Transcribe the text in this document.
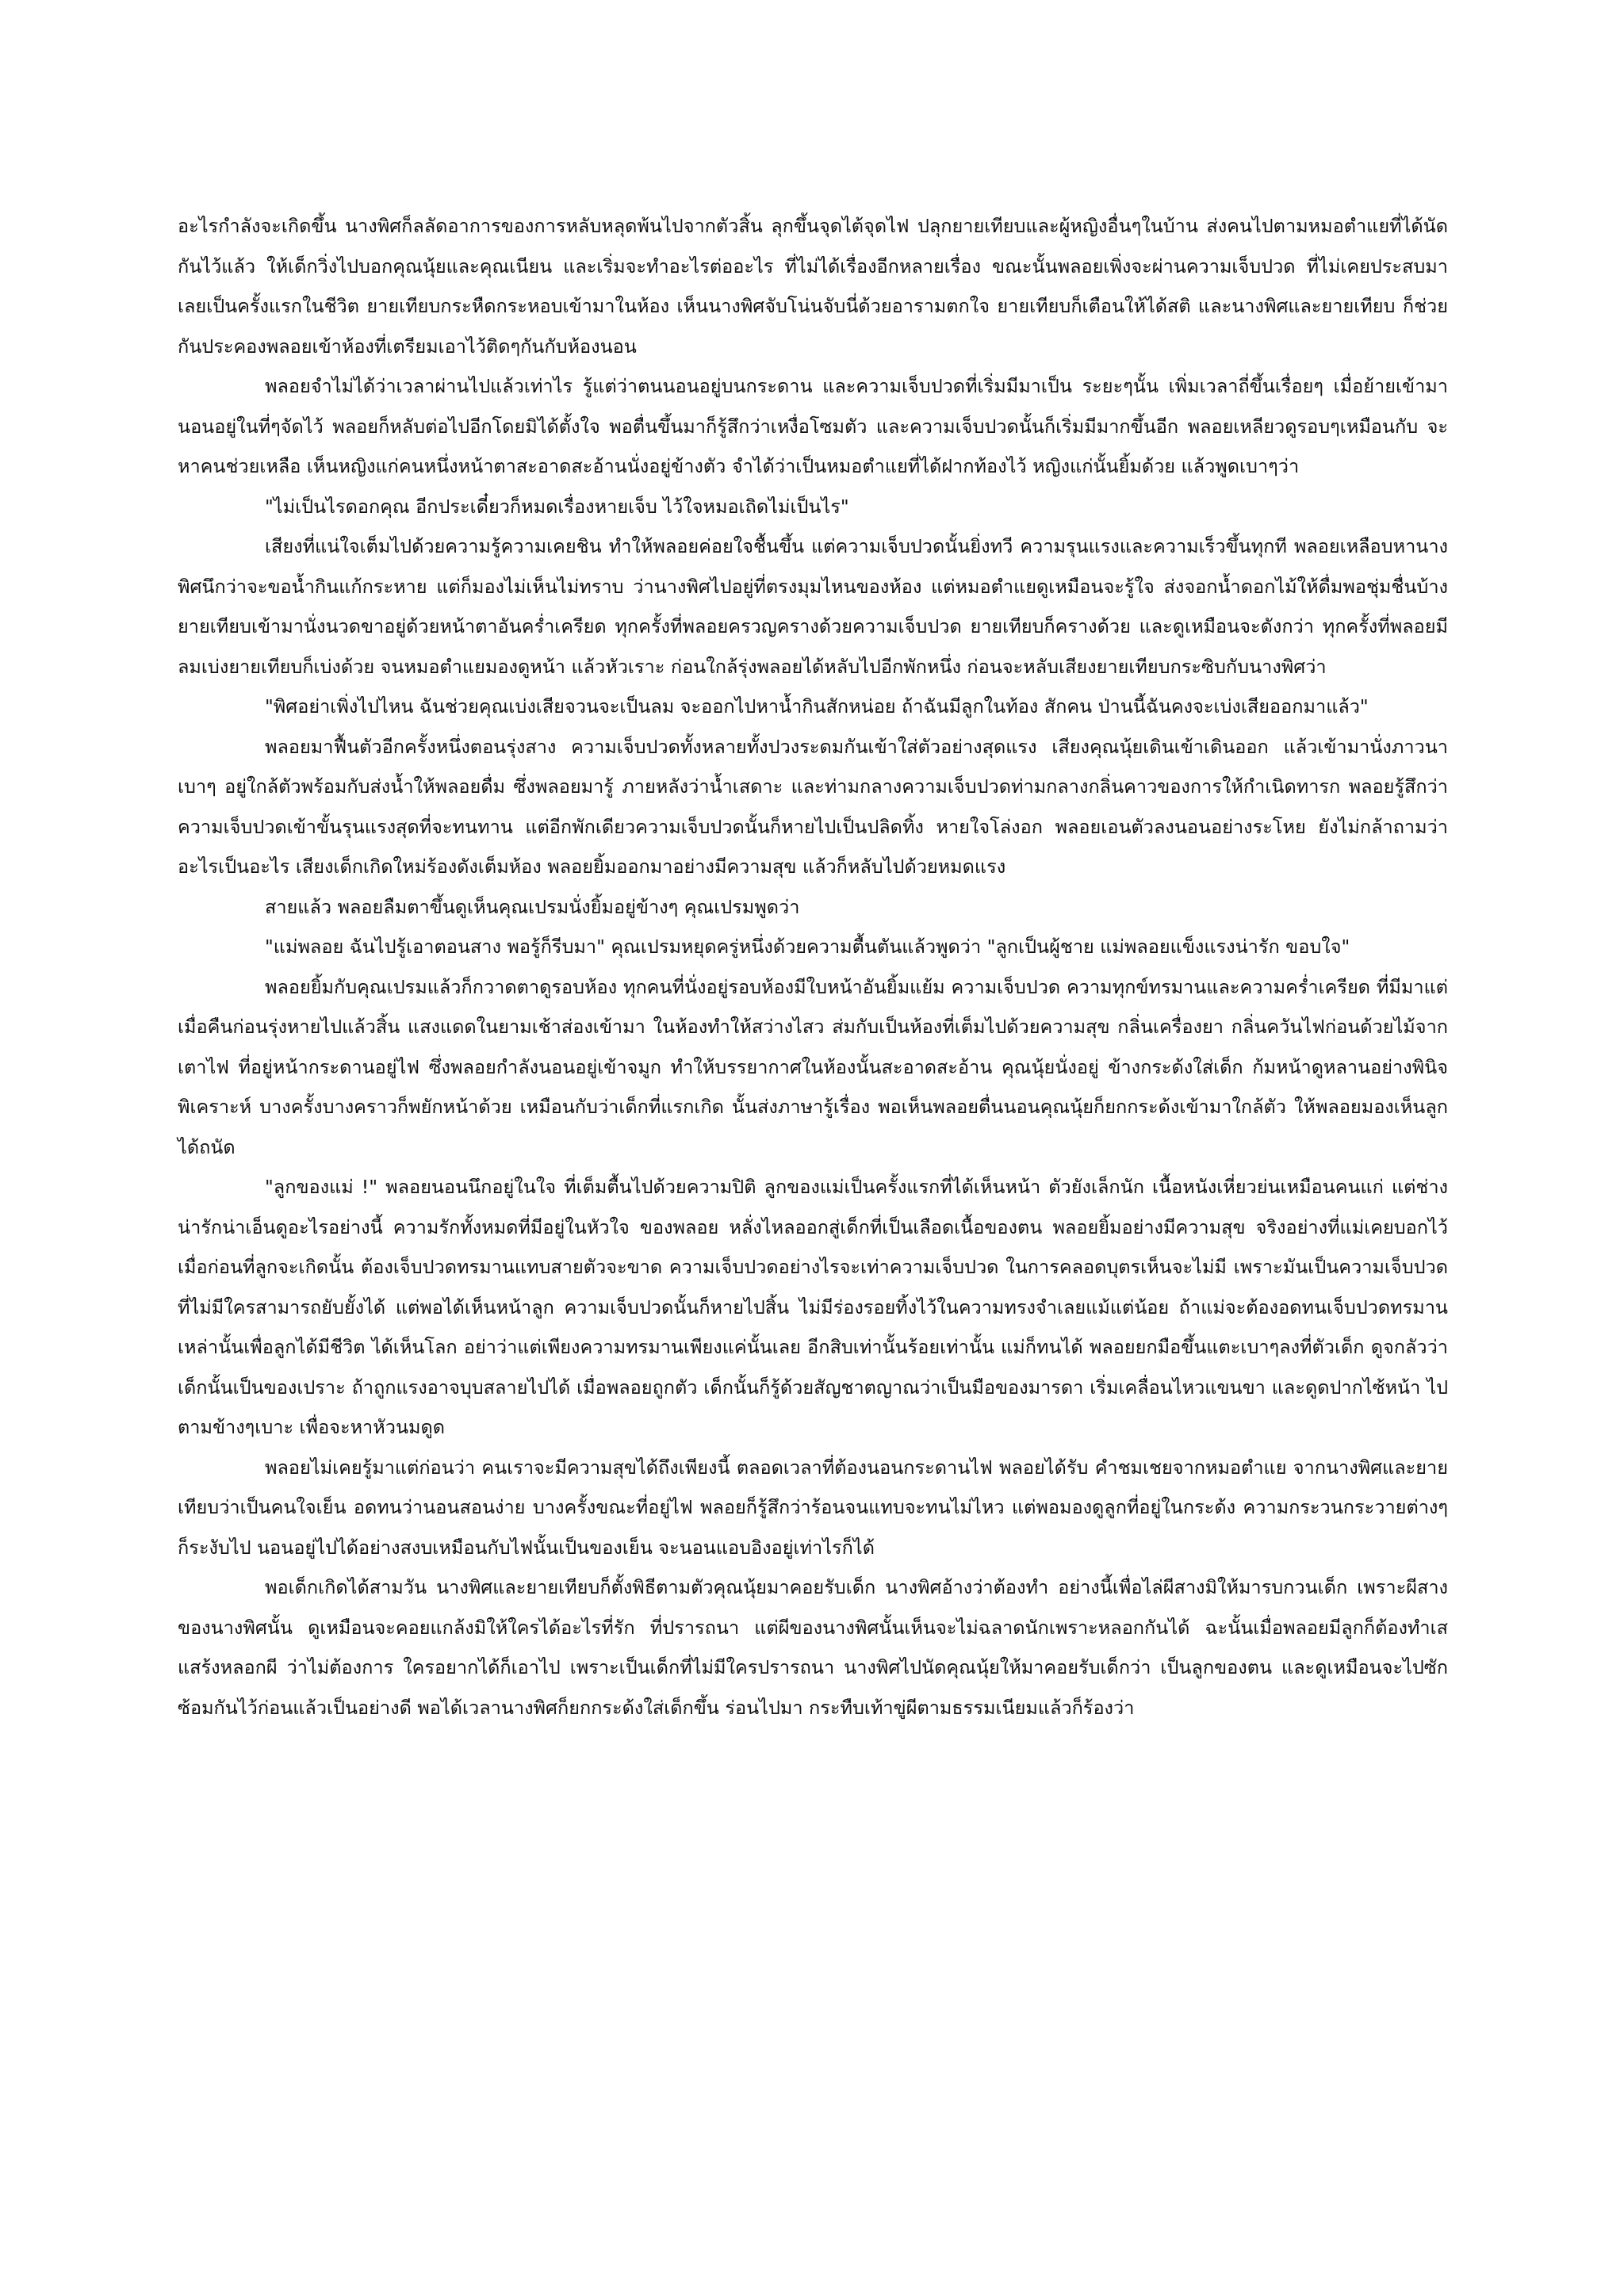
อะไรกำลังจะเกิดขึ้น นางพิศก็ลลัดอาการของการหลับหลุดพ้นไปจากตัวสิ้น ลุกขึ้นจุดไต้จุดไฟ ปลุกยายเทียบและผู้หญิงอื่นๆในบ้าน ส่งคนไปตามหมอตำแยที่ได้นัดกันไว้แล้ว ให้เด็กวิ่งไปบอกคุณนุ้ยและคุณเนียน และเริ่มจะทำอะไรต่ออะไร ที่ไม่ได้เรื่องอีกหลายเรื่อง ขณะนั้นพลอยเพิ่งจะผ่านความเจ็บปวด ที่ไม่เคยประสบมาเลยเป็นครั้งแรกในชีวิต ยายเทียบกระหืดกระหอบเข้ามาในห้อง เห็นนางพิศจับโน่นจับนี่ด้วยอารามตกใจ ยายเทียบก็เตือนให้ได้สติ และนางพิศและยายเทียบ ก็ช่วยกันประคองพลอยเข้าห้องที่เตรียมเอาไว้ติดๆกันกับห้องนอน

พลอยจำไม่ได้ว่าเวลาผ่านไปแล้วเท่าไร รู้แต่ว่าตนนอนอยู่บนกระดาน และความเจ็บปวดที่เริ่มมีมาเป็น ระยะๆนั้น เพิ่มเวลาถี่ขึ้นเรื่อยๆ เมื่อย้ายเข้ามานอนอยู่ในที่ๆจัดไว้ พลอยก็หลับต่อไปอีกโดยมิได้ตั้งใจ พอตื่นขึ้นมาก็รู้สึกว่าเหงื่อโซมตัว และความเจ็บปวดนั้นก็เริ่มมีมากขึ้นอีก พลอยเหลียวดูรอบๆเหมือนกับ จะหาคนช่วยเหลือ เห็นหญิงแก่คนหนึ่งหน้าตาสะอาดสะอ้านนั่งอยู่ข้างตัว จำได้ว่าเป็นหมอตำแยที่ได้ฝากท้องไว้ หญิงแก่นั้นยิ้มด้วย แล้วพูดเบาๆว่า

"ไม่เป็นไรดอกคุณ อีกประเดี๋ยวก็หมดเรื่องหายเจ็บ ไว้ใจหมอเถิดไม่เป็นไร"

เสียงที่แน่ใจเต็มไปด้วยความรู้ความเคยชิน ทำให้พลอยค่อยใจชื้นขึ้น แต่ความเจ็บปวดนั้นยิ่งทวี ความรุนแรงและความเร็วขึ้นทุกที พลอยเหลือบหานางพิศนึกว่าจะขอน้ำกินแก้กระหาย แต่ก็มองไม่เห็นไม่ทราบ ว่านางพิศไปอยู่ที่ตรงมุมไหนของห้อง แต่หมอตำแยดูเหมือนจะรู้ใจ ส่งจอกน้ำดอกไม้ให้ดื่มพอชุ่มชื่นบ้าง ยายเทียบเข้ามานั่งนวดขาอยู่ด้วยหน้าตาอันคร่ำเครียด ทุกครั้งที่พลอยครวญครางด้วยความเจ็บปวด ยายเทียบก็ครางด้วย และดูเหมือนจะดังกว่า ทุกครั้งที่พลอยมีลมเบ่งยายเทียบก็เบ่งด้วย จนหมอตำแยมองดูหน้า แล้วหัวเราะ ก่อนใกล้รุ่งพลอยได้หลับไปอีกพักหนึ่ง ก่อนจะหลับเสียงยายเทียบกระซิบกับนางพิศว่า

"พิศอย่าเพิ่งไปไหน ฉันช่วยคุณเบ่งเสียจวนจะเป็นลม จะออกไปหาน้ำกินสักหน่อย ถ้าฉันมีลูกในท้อง สักคน ป่านนี้ฉันคงจะเบ่งเสียออกมาแล้ว"

พลอยมาฟื้นตัวอีกครั้งหนึ่งตอนรุ่งสาง ความเจ็บปวดทั้งหลายทั้งปวงระดมกันเข้าใส่ตัวอย่างสุดแรง เสียงคุณนุ้ยเดินเข้าเดินออก แล้วเข้ามานั่งภาวนาเบาๆ อยู่ใกล้ตัวพร้อมกับส่งน้ำให้พลอยดื่ม ซึ่งพลอยมารู้ ภายหลังว่าน้ำเสดาะ และท่ามกลางความเจ็บปวดท่ามกลางกลิ่นคาวของการให้กำเนิดทารก พลอยรู้สึกว่า ความเจ็บปวดเข้าขั้นรุนแรงสุดที่จะทนทาน แต่อีกพักเดียวความเจ็บปวดนั้นก็หายไปเป็นปลิดทิ้ง หายใจโล่งอก พลอยเอนตัวลงนอนอย่างระโหย ยังไม่กล้าถามว่าอะไรเป็นอะไร เสียงเด็กเกิดใหม่ร้องดังเต็มห้อง พลอยยิ้มออกมาอย่างมีความสุข แล้วก็หลับไปด้วยหมดแรง

สายแล้ว พลอยลืมตาขึ้นดูเห็นคุณเปรมนั่งยิ้มอยู่ข้างๆ คุณเปรมพูดว่า

"แม่พลอย ฉันไปรู้เอาตอนสาง พอรู้ก็รีบมา" คุณเปรมหยุดครู่หนึ่งด้วยความตื้นตันแล้วพูดว่า "ลูกเป็นผู้ชาย แม่พลอยแข็งแรงน่ารัก ขอบใจ"

พลอยยิ้มกับคุณเปรมแล้วก็กวาดตาดูรอบห้อง ทุกคนที่นั่งอยู่รอบห้องมีใบหน้าอันยิ้มแย้ม ความเจ็บปวด ความทุกข์ทรมานและความคร่ำเครียด ที่มีมาแต่เมื่อคืนก่อนรุ่งหายไปแล้วสิ้น แสงแดดในยามเช้าส่องเข้ามา ในห้องทำให้สว่างไสว ส่มกับเป็นห้องที่เต็มไปด้วยความสุข กลิ่นเครื่องยา กลิ่นควันไฟก่อนด้วยไม้จากเตาไฟ ที่อยู่หน้ากระดานอยู่ไฟ ซึ่งพลอยกำลังนอนอยู่เข้าจมูก ทำให้บรรยากาศในห้องนั้นสะอาดสะอ้าน คุณนุ้ยนั่งอยู่ ข้างกระด้งใส่เด็ก ก้มหน้าดูหลานอย่างพินิจพิเคราะห์ บางครั้งบางคราวก็พยักหน้าด้วย เหมือนกับว่าเด็กที่แรกเกิด นั้นส่งภาษารู้เรื่อง พอเห็นพลอยตื่นนอนคุณนุ้ยก็ยกกระด้งเข้ามาใกล้ตัว ให้พลอยมองเห็นลูกได้ถนัด

"ลูกของแม่ !" พลอยนอนนึกอยู่ในใจ ที่เต็มตื้นไปด้วยความปิติ ลูกของแม่เป็นครั้งแรกที่ได้เห็นหน้า ตัวยังเล็กนัก เนื้อหนังเหี่ยวย่นเหมือนคนแก่ แต่ช่างน่ารักน่าเอ็นดูอะไรอย่างนี้ ความรักทั้งหมดที่มีอยู่ในหัวใจ ของพลอย หลั่งไหลออกสู่เด็กที่เป็นเลือดเนื้อของตน พลอยยิ้มอย่างมีความสุข จริงอย่างที่แม่เคยบอกไว้ เมื่อก่อนที่ลูกจะเกิดนั้น ต้องเจ็บปวดทรมานแทบสายตัวจะขาด ความเจ็บปวดอย่างไรจะเท่าความเจ็บปวด ในการคลอดบุตรเห็นจะไม่มี เพราะมันเป็นความเจ็บปวดที่ไม่มีใครสามารถยับยั้งได้ แต่พอได้เห็นหน้าลูก ความเจ็บปวดนั้นก็หายไปสิ้น ไม่มีร่องรอยทิ้งไว้ในความทรงจำเลยแม้แต่น้อย ถ้าแม่จะต้องอดทนเจ็บปวดทรมานเหล่านั้นเพื่อลูกได้มีชีวิต ได้เห็นโลก อย่าว่าแต่เพียงความทรมานเพียงแค่นั้นเลย อีกสิบเท่านั้นร้อยเท่านั้น แม่ก็ทนได้ พลอยยกมือขึ้นแตะเบาๆลงที่ตัวเด็ก ดูจกลัวว่าเด็กนั้นเป็นของเปราะ ถ้าถูกแรงอาจบุบสลายไปได้ เมื่อพลอยถูกตัว เด็กนั้นก็รู้ด้วยสัญชาตญาณว่าเป็นมือของมารดา เริ่มเคลื่อนไหวแขนขา และดูดปากไซ้หน้า ไปตามข้างๆเบาะ เพื่อจะหาหัวนมดูด

พลอยไม่เคยรู้มาแต่ก่อนว่า คนเราจะมีความสุขได้ถึงเพียงนี้ ตลอดเวลาที่ต้องนอนกระดานไฟ พลอยได้รับ คำชมเชยจากหมอตำแย จากนางพิศและยายเทียบว่าเป็นคนใจเย็น อดทนว่านอนสอนง่าย บางครั้งขณะที่อยู่ไฟ พลอยก็รู้สึกว่าร้อนจนแทบจะทนไม่ไหว แต่พอมองดูลูกที่อยู่ในกระด้ง ความกระวนกระวายต่างๆก็ระงับไป นอนอยู่ไปได้อย่างสงบเหมือนกับไฟนั้นเป็นของเย็น จะนอนแอบอิงอยู่เท่าไรก็ได้

พอเด็กเกิดได้สามวัน นางพิศและยายเทียบก็ตั้งพิธีตามตัวคุณนุ้ยมาคอยรับเด็ก นางพิศอ้างว่าต้องทำ อย่างนี้เพื่อไล่ผีสางมิให้มารบกวนเด็ก เพราะผีสางของนางพิศนั้น ดูเหมือนจะคอยแกล้งมิให้ใครได้อะไรที่รัก ที่ปรารถนา แต่ผีของนางพิศนั้นเห็นจะไม่ฉลาดนักเพราะหลอกกันได้ ฉะนั้นเมื่อพลอยมีลูกก็ต้องทำเสแสร้งหลอกผี ว่าไม่ต้องการ ใครอยากได้ก็เอาไป เพราะเป็นเด็กที่ไม่มีใครปรารถนา นางพิศไปนัดคุณนุ้ยให้มาคอยรับเด็กว่า เป็นลูกของตน และดูเหมือนจะไปซักซ้อมกันไว้ก่อนแล้วเป็นอย่างดี พอได้เวลานางพิศก็ยกกระด้งใส่เด็กขึ้น ร่อนไปมา กระทืบเท้าขู่ผีตามธรรมเนียมแล้วก็ร้องว่า
